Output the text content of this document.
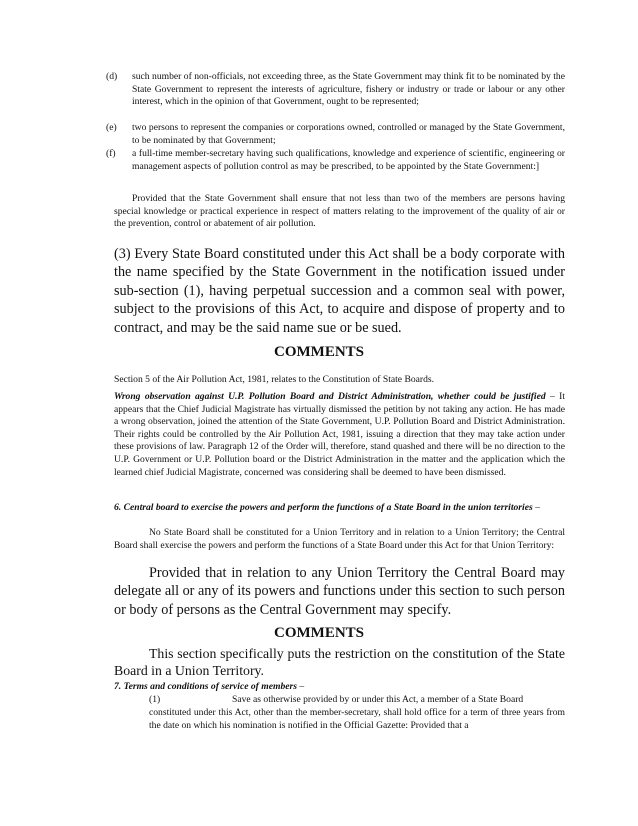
(d) such number of non-officials, not exceeding three, as the State Government may think fit to be nominated by the State Government to represent the interests of agriculture, fishery or industry or trade or labour or any other interest, which in the opinion of that Government, ought to be represented;
(e) two persons to represent the companies or corporations owned, controlled or managed by the State Government, to be nominated by that Government;
(f) a full-time member-secretary having such qualifications, knowledge and experience of scientific, engineering or management aspects of pollution control as may be prescribed, to be appointed by the State Government:]
Provided that the State Government shall ensure that not less than two of the members are persons having special knowledge or practical experience in respect of matters relating to the improvement of the quality of air or the prevention, control or abatement of air pollution.
(3) Every State Board constituted under this Act shall be a body corporate with the name specified by the State Government in the notification issued under sub-section (1), having perpetual succession and a common seal with power, subject to the provisions of this Act, to acquire and dispose of property and to contract, and may be the said name sue or be sued.
COMMENTS
Section 5 of the Air Pollution Act, 1981, relates to the Constitution of State Boards.
Wrong observation against U.P. Pollution Board and District Administration, whether could be justified – It appears that the Chief Judicial Magistrate has virtually dismissed the petition by not taking any action. He has made a wrong observation, joined the attention of the State Government, U.P. Pollution Board and District Administration. Their rights could be controlled by the Air Pollution Act, 1981, issuing a direction that they may take action under these provisions of law. Paragraph 12 of the Order will, therefore, stand quashed and there will be no direction to the U.P. Government or U.P. Pollution board or the District Administration in the matter and the application which the learned chief Judicial Magistrate, concerned was considering shall be deemed to have been dismissed.
6. Central board to exercise the powers and perform the functions of a State Board in the union territories –
No State Board shall be constituted for a Union Territory and in relation to a Union Territory; the Central Board shall exercise the powers and perform the functions of a State Board under this Act for that Union Territory:
Provided that in relation to any Union Territory the Central Board may delegate all or any of its powers and functions under this section to such person or body of persons as the Central Government may specify.
COMMENTS
This section specifically puts the restriction on the constitution of the State Board in a Union Territory.
7. Terms and conditions of service of members –
(1)	Save as otherwise provided by or under this Act, a member of a State Board
constituted under this Act, other than the member-secretary, shall hold office for a term of three years from the date on which his nomination is notified in the Official Gazette: Provided that a
